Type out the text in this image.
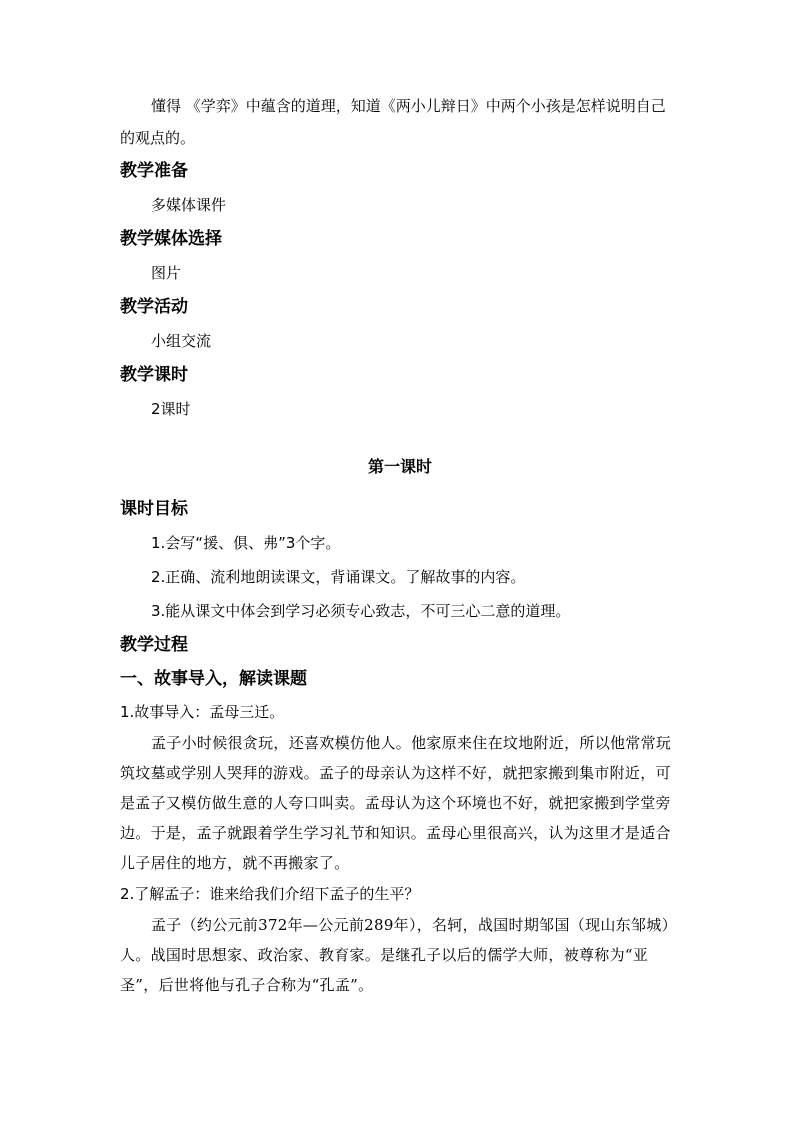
懂得 《学弈》中蕴含的道理，知道《两小儿辩日》中两个小孩是怎样说明自己的观点的。

教学准备

多媒体课件

教学媒体选择

图片

教学活动

小组交流

教学课时

2课时

第一课时

课时目标

1.会写“援、俱、弗”3个字。

2.正确、流利地朗读课文，背诵课文。了解故事的内容。

3.能从课文中体会到学习必须专心致志，不可三心二意的道理。

教学过程

一、故事导入，解读课题

1.故事导入：孟母三迁。

孟子小时候很贪玩，还喜欢模仿他人。他家原来住在坟地附近，所以他常常玩筑坟墓或学别人哭拜的游戏。孟子的母亲认为这样不好，就把家搬到集市附近，可是孟子又模仿做生意的人夸口叫卖。孟母认为这个环境也不好，就把家搬到学堂旁边。于是，孟子就跟着学生学习礼节和知识。孟母心里很高兴，认为这里才是适合儿子居住的地方，就不再搬家了。

2.了解孟子：谁来给我们介绍下孟子的生平？

孟子（约公元前372年—公元前289年），名轲，战国时期邹国（现山东邹城）人。战国时思想家、政治家、教育家。是继孔子以后的儒学大师，被尊称为“亚圣”，后世将他与孔子合称为“孔孟”。
